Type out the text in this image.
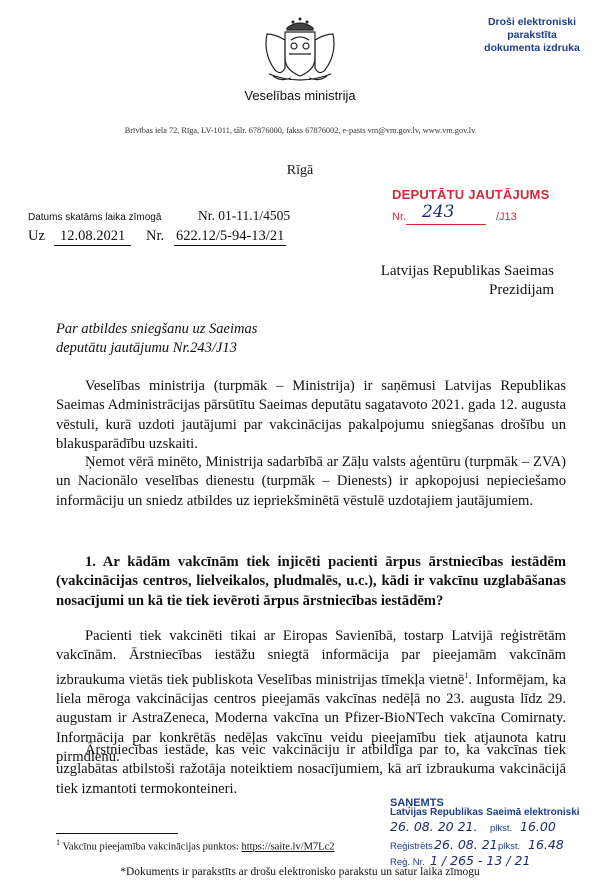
Veselības ministrija
Droši elektroniski parakstīta
dokumenta izdruka
Brīvības iela 72, Rīga, LV-1011, tālr. 67876000, fakss 67876002, e-pasts vm@vm.gov.lv, www.vm.gov.lv
Rīgā
DEPUTĀTU JAUTĀJUMS
Nr. 243	/J13
Datums skatāms laika zīmogā	Nr. 01-11.1/4505
Uz	12.08.2021	Nr. 622.12/5-94-13/21
Latvijas Republikas Saeimas
Prezidijam
Par atbildes sniegšanu uz Saeimas
deputātu jautājumu Nr.243/J13
Veselības ministrija (turpmāk – Ministrija) ir saņēmusi Latvijas Republikas Saeimas Administrācijas pārsūtītu Saeimas deputātu sagatavoto 2021. gada 12. augusta vēstuli, kurā uzdoti jautājumi par vakcinācijas pakalpojumu sniegšanas drošību un blakusparādību uzskaiti.
Ņemot vērā minēto, Ministrija sadarbībā ar Zāļu valsts aģentūru (turpmāk – ZVA) un Nacionālo veselības dienestu (turpmāk – Dienests) ir apkopojusi nepieciešamo informāciju un sniedz atbildes uz iepriekšminētā vēstulē uzdotajiem jautājumiem.
1. Ar kādām vakcīnām tiek injicēti pacienti ārpus ārstniecības iestādēm (vakcinācijas centros, lielveikalos, pludmalēs, u.c.), kādi ir vakcīnu uzglabāšanas nosacījumi un kā tie tiek ievēroti ārpus ārstniecības iestādēm?
Pacienti tiek vakcinēti tikai ar Eiropas Savienībā, tostarp Latvijā reģistrētām vakcīnām. Ārstniecības iestāžu sniegtā informācija par pieejamām vakcīnām izbraukuma vietās tiek publiskota Veselības ministrijas tīmekļa vietnē$^1$. Informējam, ka liela mēroga vakcinācijas centros pieejamās vakcīnas nedēļā no 23. augusta līdz 29. augustam ir AstraZeneca, Moderna vakcīna un Pfizer-BioNTech vakcīna Comirnaty. Informācija par konkrētās nedēļas vakcīnu veidu pieejamību tiek atjaunota katru pirmdienu.
Ārstniecības iestāde, kas veic vakcināciju ir atbildīga par to, ka vakcīnas tiek uzglabātas atbilstoši ražotāja noteiktiem nosacījumiem, kā arī izbraukuma vakcinācijā tiek izmantoti termokonteineri.
$^1$ Vakcīnu pieejamība vakcinācijas punktos: https://saite.lv/M7Lc2
SAŅEMTS
Latvijas Republikas Saeimā elektroniski
26. 08. 20 21. plkst. 16.00
Reģistrēts 26. 08. 21.
plkst. 16.48
Reģ. Nr. 1 / 265 - 13 / 21
*Dokuments ir parakstīts ar drošu elektronisko parakstu un satur laika zīmogu
